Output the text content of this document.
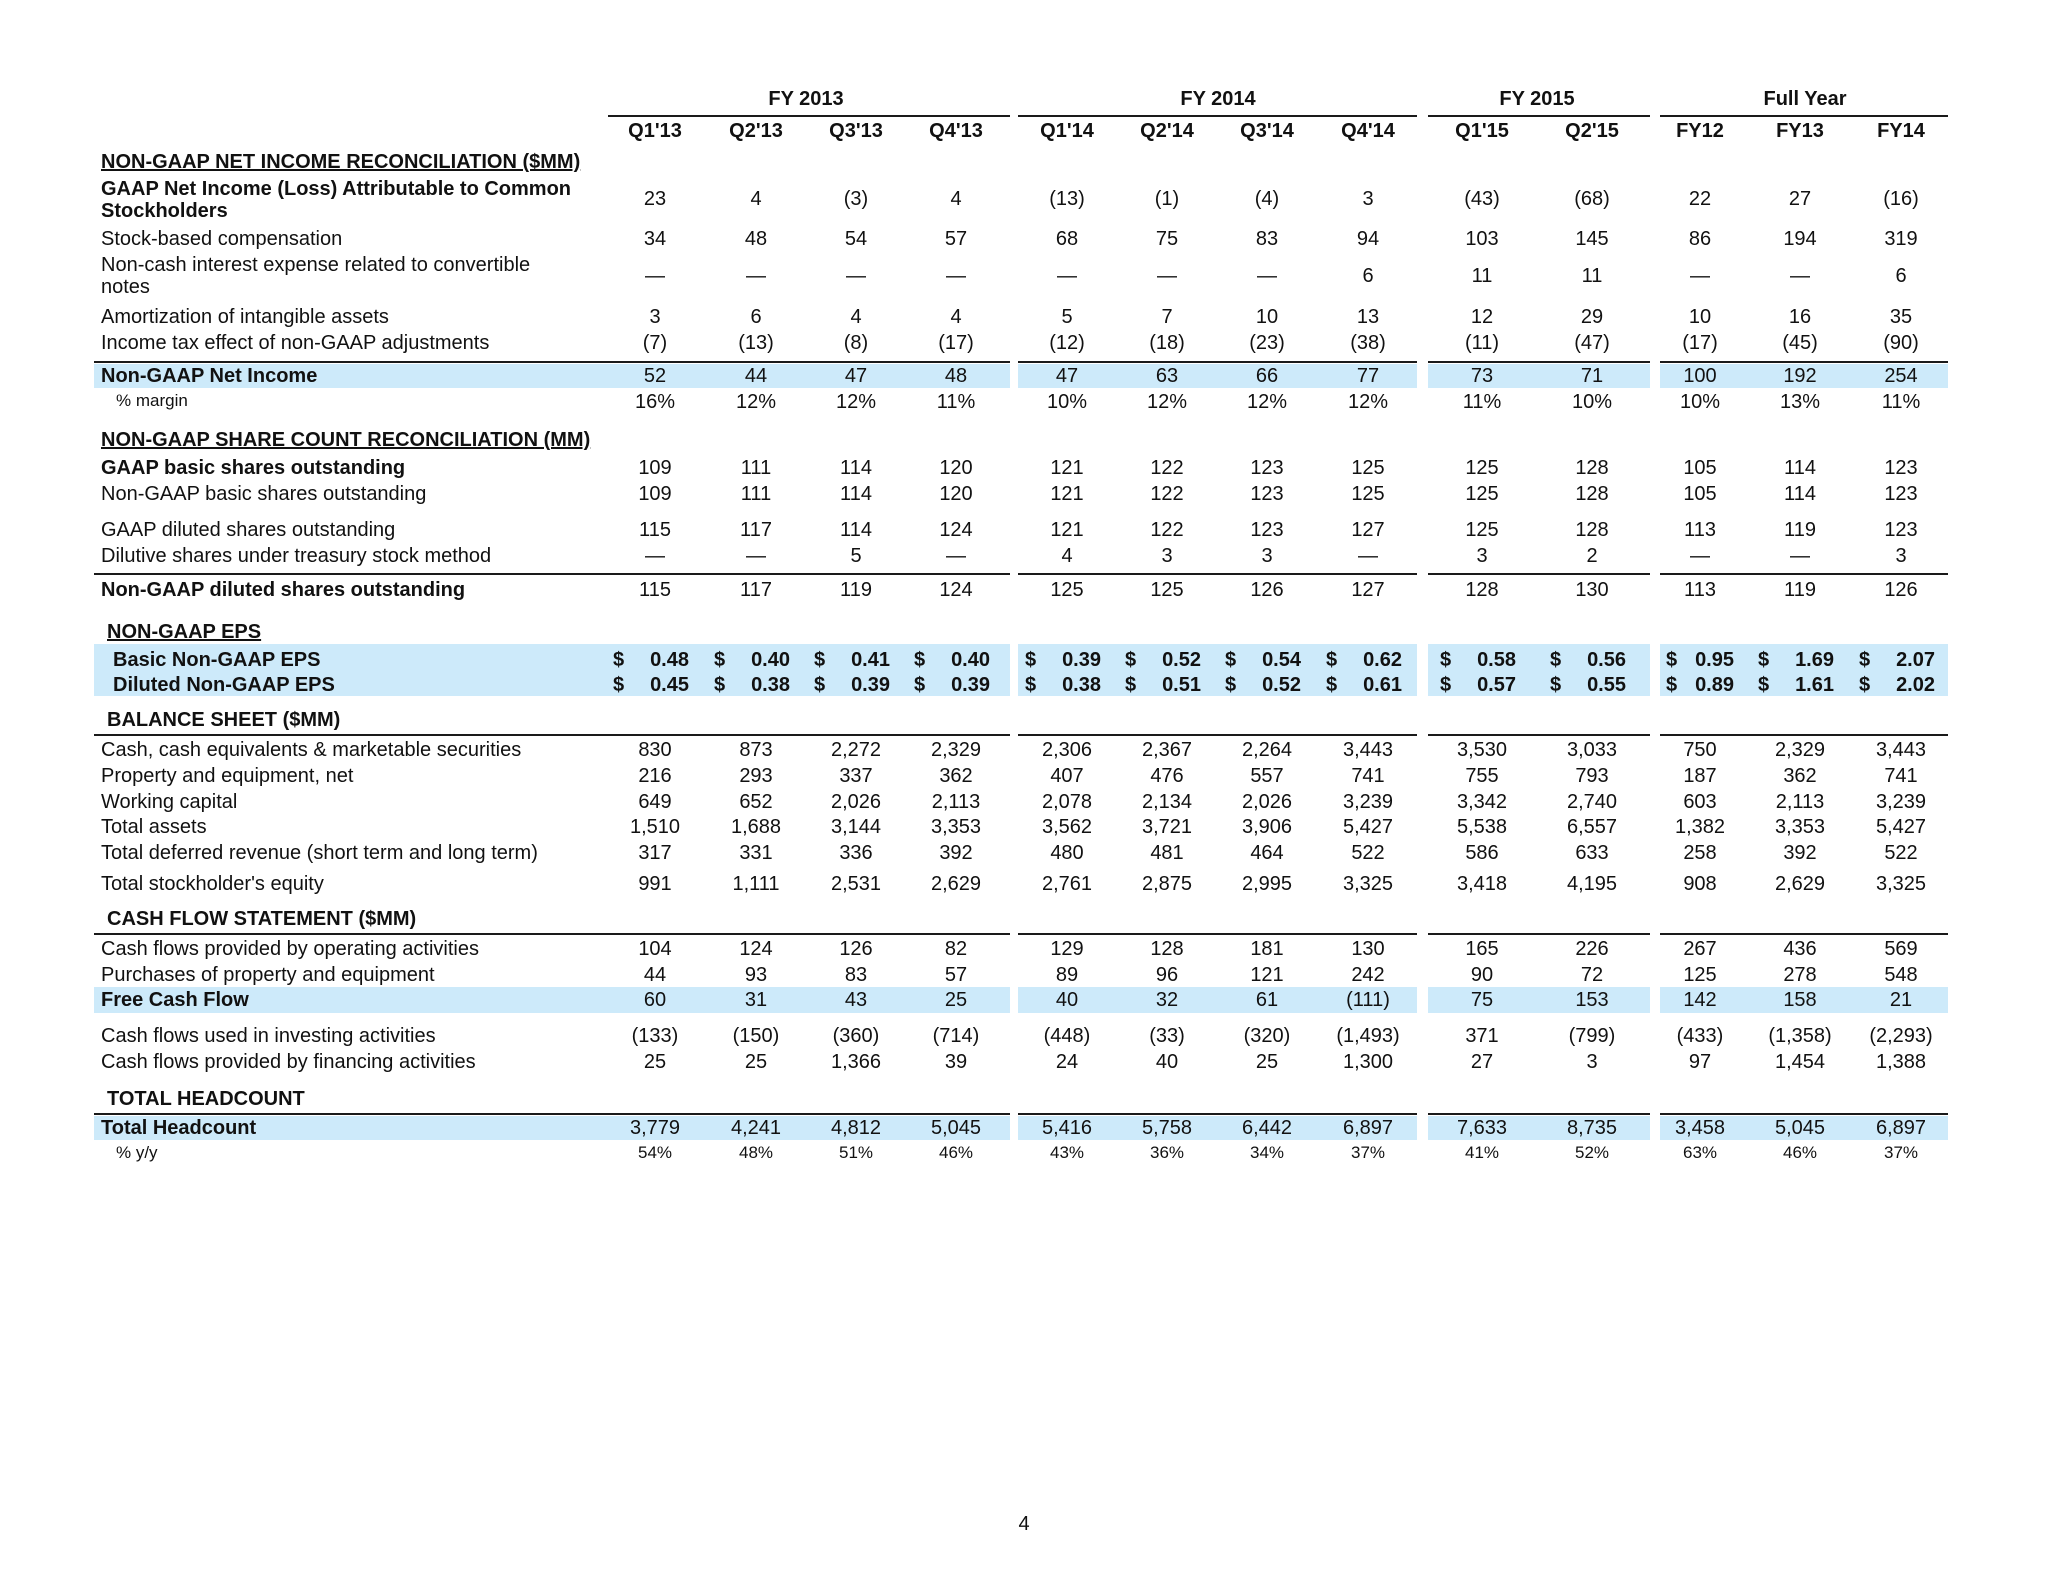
FY 2013	FY 2014	FY 2015	Full Year
Q1'13 Q2'13 Q3'13 Q4'13	Q1'14 Q2'14 Q3'14 Q4'14	Q1'15	Q2'15	FY12	FY13	FY14
NON-GAAP NET INCOME RECONCILIATION ($MM)
GAAP Net Income (Loss) Attributable to Common
Stockholders
23	4	(3)	4	(13)	(1)	(4)	3	(43)	(68)	22	27	(16)
Stock-based compensation	34	48	54	57	68	75	83	94	103	145	86	194	319
Non-cash interest expense related to convertible
notes	—	—	—	—	—	—	—	6	11	11	—	—	6
Amortization of intangible assets	3	6	4	4	5	7	10	13	12	29	10	16	35
Income tax effect of non-GAAP adjustments	(7)	(13)	(8)	(17)	(12)	(18)	(23)	(38)	(11)	(47)	(17)	(45)	(90)
Non-GAAP Net Income	52	44	47	48	47	63	66	77	73	71	100	192	254
% margin	16%	12%	12%	11%	10%	12%	12%	12%	11%	10%	10%	13%	11%
NON-GAAP SHARE COUNT RECONCILIATION (MM)
GAAP basic shares outstanding	109	111	114	120	121	122	123	125	125	128	105	114	123
Non-GAAP basic shares outstanding	109	111	114	120	121	122	123	125	125	128	105	114	123
GAAP diluted shares outstanding	115	117	114	124	121	122	123	127	125	128	113	119	123
Dilutive shares under treasury stock method	—	—	5	—	4	3	3	—	3	2	—	—	3
Non-GAAP diluted shares outstanding	115	117	119	124	125	125	126	127	128	130	113	119	126
NON-GAAP EPS
Basic Non-GAAP EPS	$ 0.48 $ 0.40 $ 0.41 $ 0.40 $ 0.39 $ 0.52 $ 0.54 $ 0.62 $ 0.58 $ 0.56 $ 0.95 $ 1.69 $ 2.07
Diluted Non-GAAP EPS	$ 0.45 $ 0.38 $ 0.39 $ 0.39 $ 0.38 $ 0.51 $ 0.52 $ 0.61 $ 0.57 $ 0.55 $ 0.89 $ 1.61 $ 2.02
BALANCE SHEET ($MM)
Cash, cash equivalents & marketable securities	830	873	2,272 2,329	2,306 2,367 2,264	3,443	3,530	3,033	750	2,329	3,443
Property and equipment, net	216	293	337	362	407	476	557	741	755	793	187	362	741
Working capital	649	652	2,026	2,113	2,078 2,134 2,026	3,239	3,342	2,740	603	2,113	3,239
Total assets	1,510	1,688 3,144 3,353	3,562 3,721 3,906	5,427	5,538	6,557	1,382 3,353	5,427
Total deferred revenue (short term and long term)	317	331	336	392	480	481	464	522	586	633	258	392	522
Total stockholder's equity	991	1,111	2,531 2,629	2,761 2,875 2,995	3,325	3,418	4,195	908	2,629	3,325
CASH FLOW STATEMENT ($MM)
Cash flows provided by operating activities	104	124	126	82	129	128	181	130	165	226	267	436	569
Purchases of property and equipment	44	93	83	57	89	96	121	242	90	72	125	278	548
Free Cash Flow	60	31	43	25	40	32	61	(111)	75	153	142	158	21
Cash flows used in investing activities	(133)	(150)	(360)	(714)	(448)	(33)	(320) (1,493)	371	(799)	(433) (1,358) (2,293)
Cash flows provided by financing activities	25	25	1,366	39	24	40	25	1,300	27	3	97	1,454	1,388
TOTAL HEADCOUNT
Total Headcount	3,779	4,241 4,812 5,045	5,416 5,758 6,442	6,897	7,633	8,735	3,458 5,045	6,897
% y/y	54%	48%	51%	46%	43%	36%	34%	37%	41%	52%	63%	46%	37%
4
